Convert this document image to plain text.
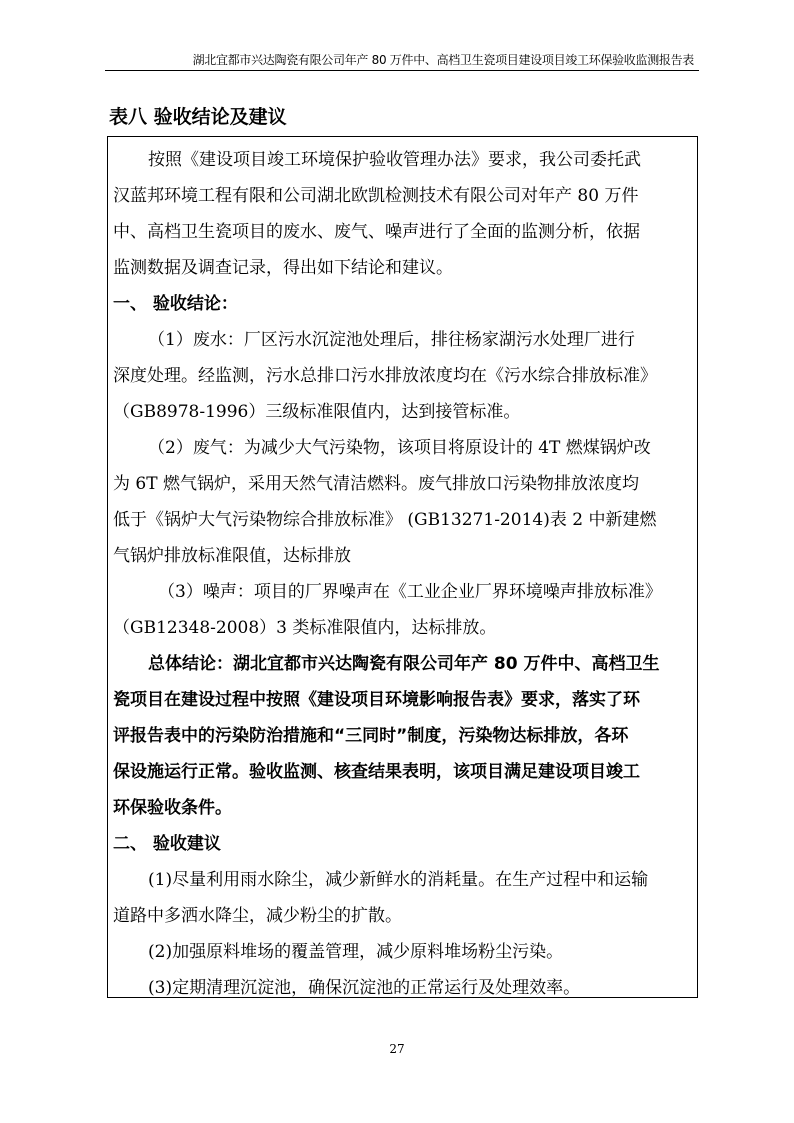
湖北宜都市兴达陶瓷有限公司年产 80 万件中、高档卫生瓷项目建设项目竣工环保验收监测报告表
表八 验收结论及建议
按照《建设项目竣工环境保护验收管理办法》要求，我公司委托武
汉蓝邦环境工程有限和公司湖北欧凯检测技术有限公司对年产 80 万件
中、高档卫生瓷项目的废水、废气、噪声进行了全面的监测分析，依据
监测数据及调查记录，得出如下结论和建议。
一、 验收结论：
（1）废水：厂区污水沉淀池处理后，排往杨家湖污水处理厂进行
深度处理。经监测，污水总排口污水排放浓度均在《污水综合排放标准》
（GB8978-1996）三级标准限值内，达到接管标准。
（2）废气：为减少大气污染物，该项目将原设计的 4T 燃煤锅炉改
为 6T 燃气锅炉，采用天然气清洁燃料。废气排放口污染物排放浓度均
低于《锅炉大气污染物综合排放标准》 (GB13271-2014)表 2 中新建燃
气锅炉排放标准限值，达标排放
（3）噪声：项目的厂界噪声在《工业企业厂界环境噪声排放标准》
（GB12348-2008）3 类标准限值内，达标排放。
总体结论：湖北宜都市兴达陶瓷有限公司年产 80 万件中、高档卫生
瓷项目在建设过程中按照《建设项目环境影响报告表》要求，落实了环
评报告表中的污染防治措施和“三同时”制度，污染物达标排放，各环
保设施运行正常。验收监测、核查结果表明，该项目满足建设项目竣工
环保验收条件。
二、 验收建议
(1)尽量利用雨水除尘，减少新鲜水的消耗量。在生产过程中和运输
道路中多洒水降尘，减少粉尘的扩散。
(2)加强原料堆场的覆盖管理，减少原料堆场粉尘污染。
(3)定期清理沉淀池，确保沉淀池的正常运行及处理效率。
27
